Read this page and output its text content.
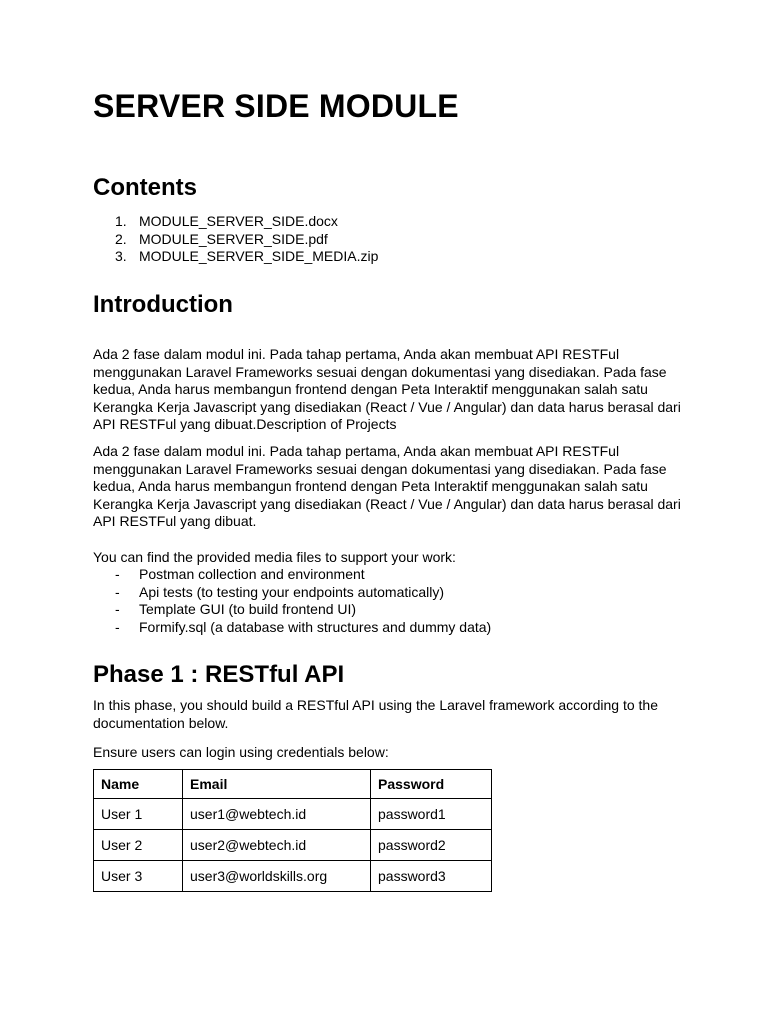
SERVER SIDE MODULE
Contents
1. MODULE_SERVER_SIDE.docx
2. MODULE_SERVER_SIDE.pdf
3. MODULE_SERVER_SIDE_MEDIA.zip
Introduction

Ada 2 fase dalam modul ini. Pada tahap pertama, Anda akan membuat API RESTFul menggunakan Laravel Frameworks sesuai dengan dokumentasi yang disediakan. Pada fase kedua, Anda harus membangun frontend dengan Peta Interaktif menggunakan salah satu Kerangka Kerja Javascript yang disediakan (React / Vue / Angular) dan data harus berasal dari API RESTFul yang dibuat.Description of Projects

Ada 2 fase dalam modul ini. Pada tahap pertama, Anda akan membuat API RESTFul menggunakan Laravel Frameworks sesuai dengan dokumentasi yang disediakan. Pada fase kedua, Anda harus membangun frontend dengan Peta Interaktif menggunakan salah satu Kerangka Kerja Javascript yang disediakan (React / Vue / Angular) dan data harus berasal dari API RESTFul yang dibuat.

You can find the provided media files to support your work:

- Postman collection and environment
- Api tests (to testing your endpoints automatically)
- Template GUI (to build frontend UI)
- Formify.sql (a database with structures and dummy data)
Phase 1 : RESTful API

In this phase, you should build a RESTful API using the Laravel framework according to the documentation below.

Ensure users can login using credentials below:

Name	Email	Password
User 1	user1@webtech.id	password1
User 2	user2@webtech.id	password2
User 3	user3@worldskills.org	password3
